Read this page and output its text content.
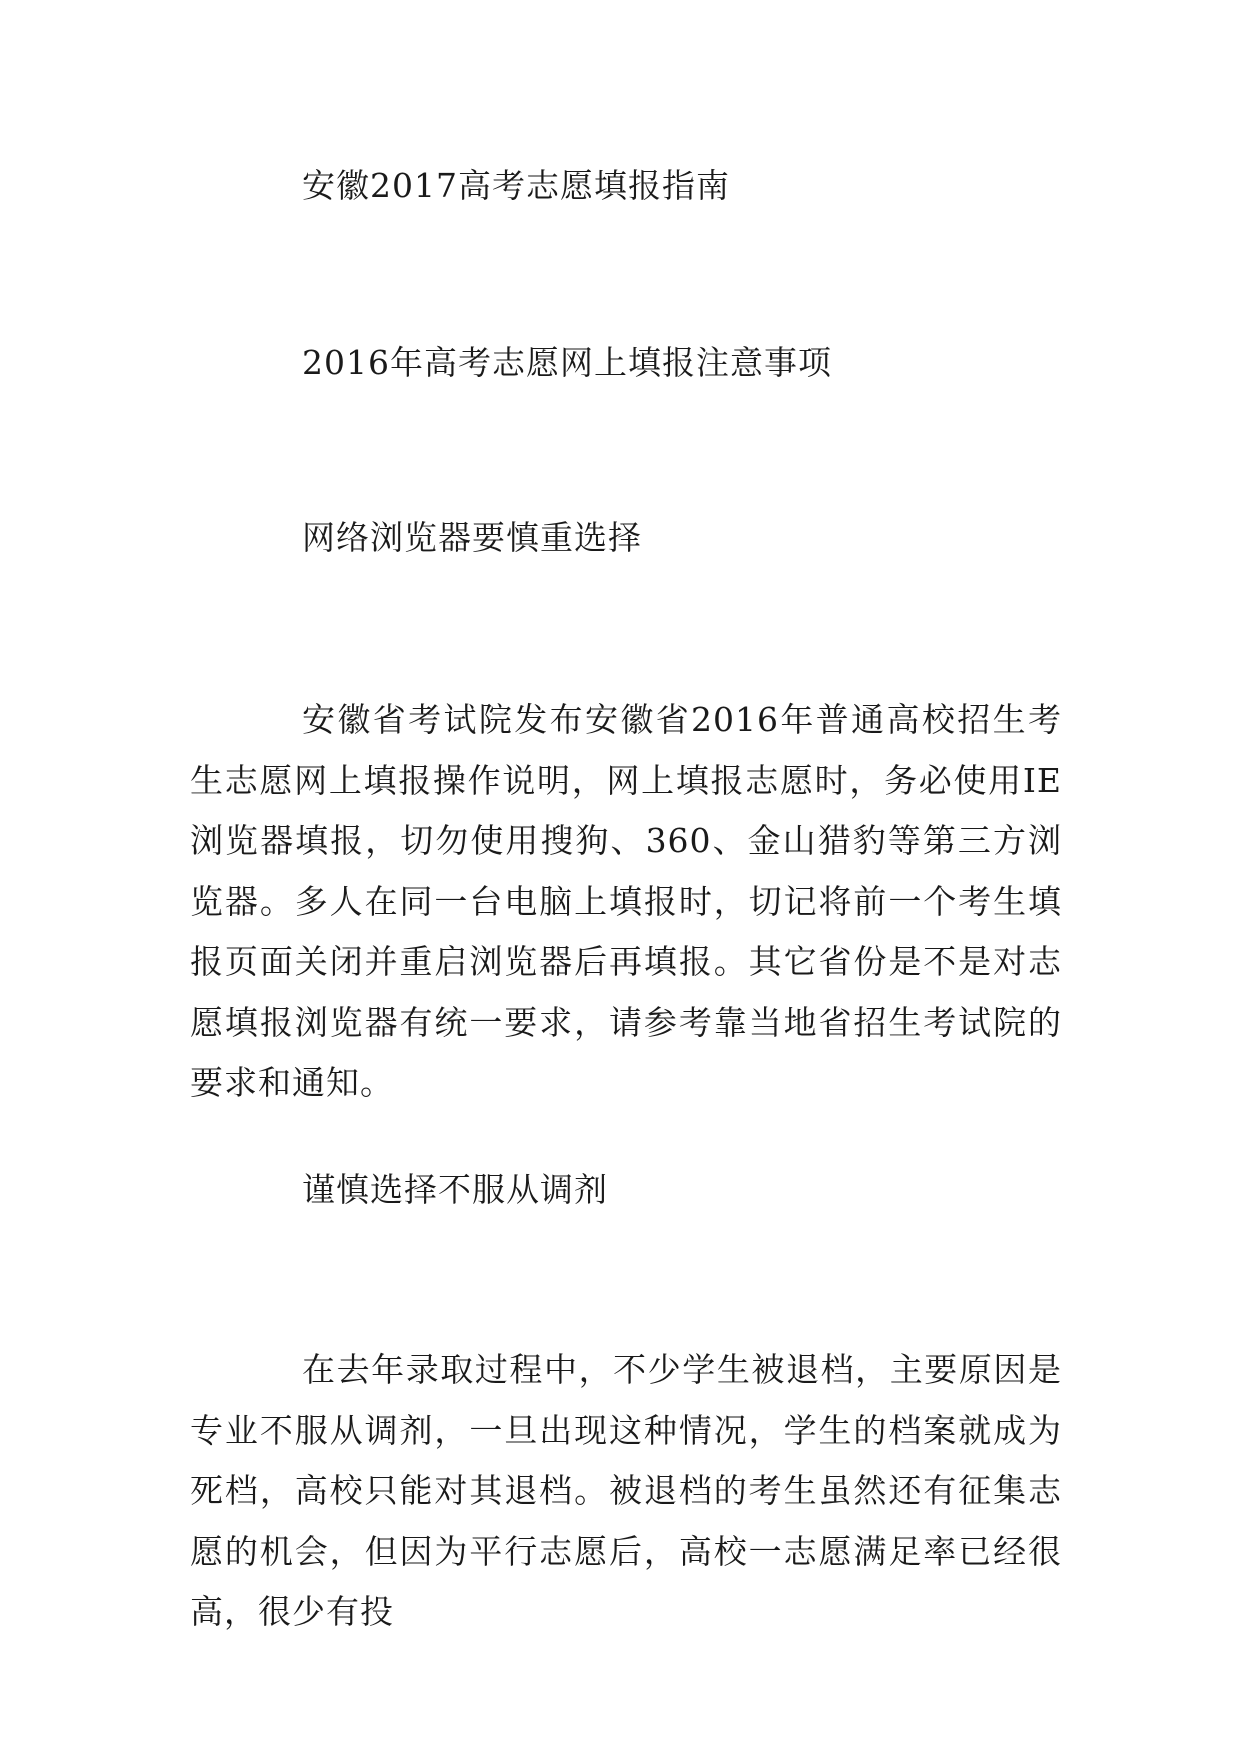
安徽2017高考志愿填报指南
2016年高考志愿网上填报注意事项
网络浏览器要慎重选择

安徽省考试院发布安徽省2016年普通高校招生考生志愿网上填报操作说明，网上填报志愿时，务必使用IE浏览器填报，切勿使用搜狗、360、金山猎豹等第三方浏览器。多人在同一台电脑上填报时，切记将前一个考生填报页面关闭并重启浏览器后再填报。其它省份是不是对志愿填报浏览器有统一要求，请参考靠当地省招生考试院的要求和通知。

谨慎选择不服从调剂

在去年录取过程中，不少学生被退档，主要原因是专业不服从调剂，一旦出现这种情况，学生的档案就成为死档，高校只能对其退档。被退档的考生虽然还有征集志愿的机会，但因为平行志愿后，高校一志愿满足率已经很高，很少有投
